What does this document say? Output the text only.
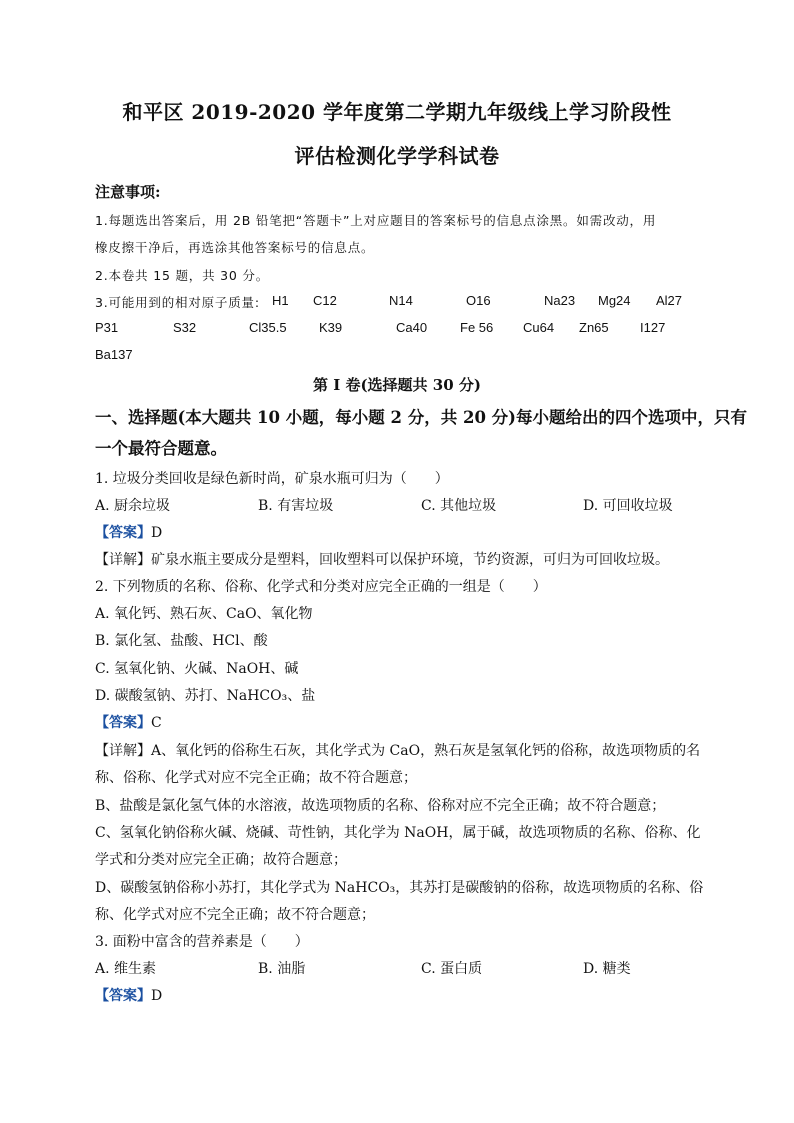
和平区 2019-2020 学年度第二学期九年级线上学习阶段性
评估检测化学学科试卷
注意事项:
1.每题选出答案后，用 2B 铅笔把“答题卡”上对应题目的答案标号的信息点涂黑。如需改动，用
橡皮擦干净后，再选涂其他答案标号的信息点。
2.本卷共 15 题，共 30 分。
3.可能用到的相对原子质量: H1 C12	N14	O16	Na23 Mg24 Al27
P31	S32	Cl35.5 K39	Ca40	Fe 56 Cu64 Zn65 I127
Ba137
第 I 卷(选择题共 30 分)
一、选择题(本大题共 10 小题，每小题 2 分，共 20 分)每小题给出的四个选项中，只有
一个最符合题意。
1. 垃圾分类回收是绿色新时尚，矿泉水瓶可归为（　　）
A. 厨余垃圾	B. 有害垃圾	C. 其他垃圾	D. 可回收垃圾
【答案】D
【详解】矿泉水瓶主要成分是塑料，回收塑料可以保护环境，节约资源，可归为可回收垃圾。
2. 下列物质的名称、俗称、化学式和分类对应完全正确的一组是（　　）
A. 氧化钙、熟石灰、CaO、氧化物
B. 氯化氢、盐酸、HCl、酸
C. 氢氧化钠、火碱、NaOH、碱
D. 碳酸氢钠、苏打、NaHCO₃、盐
【答案】C
【详解】A、氧化钙的俗称生石灰，其化学式为 CaO，熟石灰是氢氧化钙的俗称，故选项物质的名
称、俗称、化学式对应不完全正确；故不符合题意；
B、盐酸是氯化氢气体的水溶液，故选项物质的名称、俗称对应不完全正确；故不符合题意；
C、氢氧化钠俗称火碱、烧碱、苛性钠，其化学为 NaOH，属于碱，故选项物质的名称、俗称、化
学式和分类对应完全正确；故符合题意；
D、碳酸氢钠俗称小苏打，其化学式为 NaHCO₃，其苏打是碳酸钠的俗称，故选项物质的名称、俗
称、化学式对应不完全正确；故不符合题意；
3. 面粉中富含的营养素是（　　）
A. 维生素	B. 油脂	C. 蛋白质	D. 糖类
【答案】D
